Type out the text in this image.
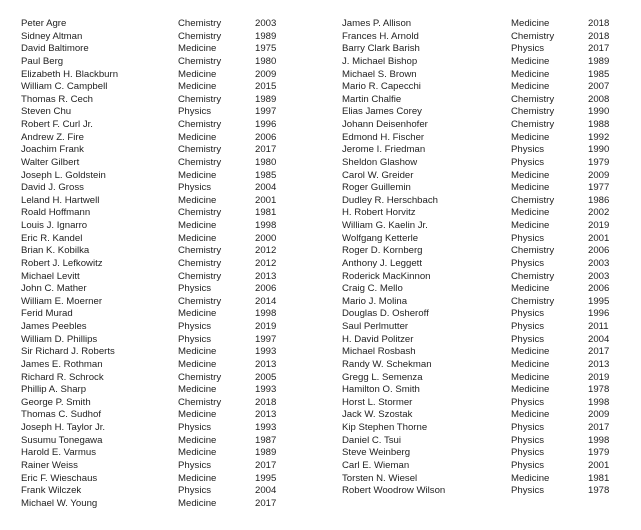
Peter Agre	Chemistry	2003
Sidney Altman	Chemistry	1989
David Baltimore	Medicine	1975
Paul Berg	Chemistry	1980
Elizabeth H. Blackburn	Medicine	2009
William C. Campbell	Medicine	2015
Thomas R. Cech	Chemistry	1989
Steven Chu	Physics	1997
Robert F. Curl Jr.	Chemistry	1996
Andrew Z. Fire	Medicine	2006
Joachim Frank	Chemistry	2017
Walter Gilbert	Chemistry	1980
Joseph L. Goldstein	Medicine	1985
David J. Gross	Physics	2004
Leland H. Hartwell	Medicine	2001
Roald Hoffmann	Chemistry	1981
Louis J. Ignarro	Medicine	1998
Eric R. Kandel	Medicine	2000
Brian K. Kobilka	Chemistry	2012
Robert J. Lefkowitz	Chemistry	2012
Michael Levitt	Chemistry	2013
John C. Mather	Physics	2006
William E. Moerner	Chemistry	2014
Ferid Murad	Medicine	1998
James Peebles	Physics	2019
William D. Phillips	Physics	1997
Sir Richard J. Roberts	Medicine	1993
James E. Rothman	Medicine	2013
Richard R. Schrock	Chemistry	2005
Phillip A. Sharp	Medicine	1993
George P. Smith	Chemistry	2018
Thomas C. Sudhof	Medicine	2013
Joseph H. Taylor Jr.	Physics	1993
Susumu Tonegawa	Medicine	1987
Harold E. Varmus	Medicine	1989
Rainer Weiss	Physics	2017
Eric F. Wieschaus	Medicine	1995
Frank Wilczek	Physics	2004
Michael W. Young	Medicine	2017
James P. Allison	Medicine	2018
Frances H. Arnold	Chemistry	2018
Barry Clark Barish	Physics	2017
J. Michael Bishop	Medicine	1989
Michael S. Brown	Medicine	1985
Mario R. Capecchi	Medicine	2007
Martin Chalfie	Chemistry	2008
Elias James Corey	Chemistry	1990
Johann Deisenhofer	Chemistry	1988
Edmond H. Fischer	Medicine	1992
Jerome I. Friedman	Physics	1990
Sheldon Glashow	Physics	1979
Carol W. Greider	Medicine	2009
Roger Guillemin	Medicine	1977
Dudley R. Herschbach	Chemistry	1986
H. Robert Horvitz	Medicine	2002
William G. Kaelin Jr.	Medicine	2019
Wolfgang Ketterle	Physics	2001
Roger D. Kornberg	Chemistry	2006
Anthony J. Leggett	Physics	2003
Roderick MacKinnon	Chemistry	2003
Craig C. Mello	Medicine	2006
Mario J. Molina	Chemistry	1995
Douglas D. Osheroff	Physics	1996
Saul Perlmutter	Physics	2011
H. David Politzer	Physics	2004
Michael Rosbash	Medicine	2017
Randy W. Schekman	Medicine	2013
Gregg L. Semenza	Medicine	2019
Hamilton O. Smith	Medicine	1978
Horst L. Stormer	Physics	1998
Jack W. Szostak	Medicine	2009
Kip Stephen Thorne	Physics	2017
Daniel C. Tsui	Physics	1998
Steve Weinberg	Physics	1979
Carl E. Wieman	Physics	2001
Torsten N. Wiesel	Medicine	1981
Robert Woodrow Wilson	Physics	1978
